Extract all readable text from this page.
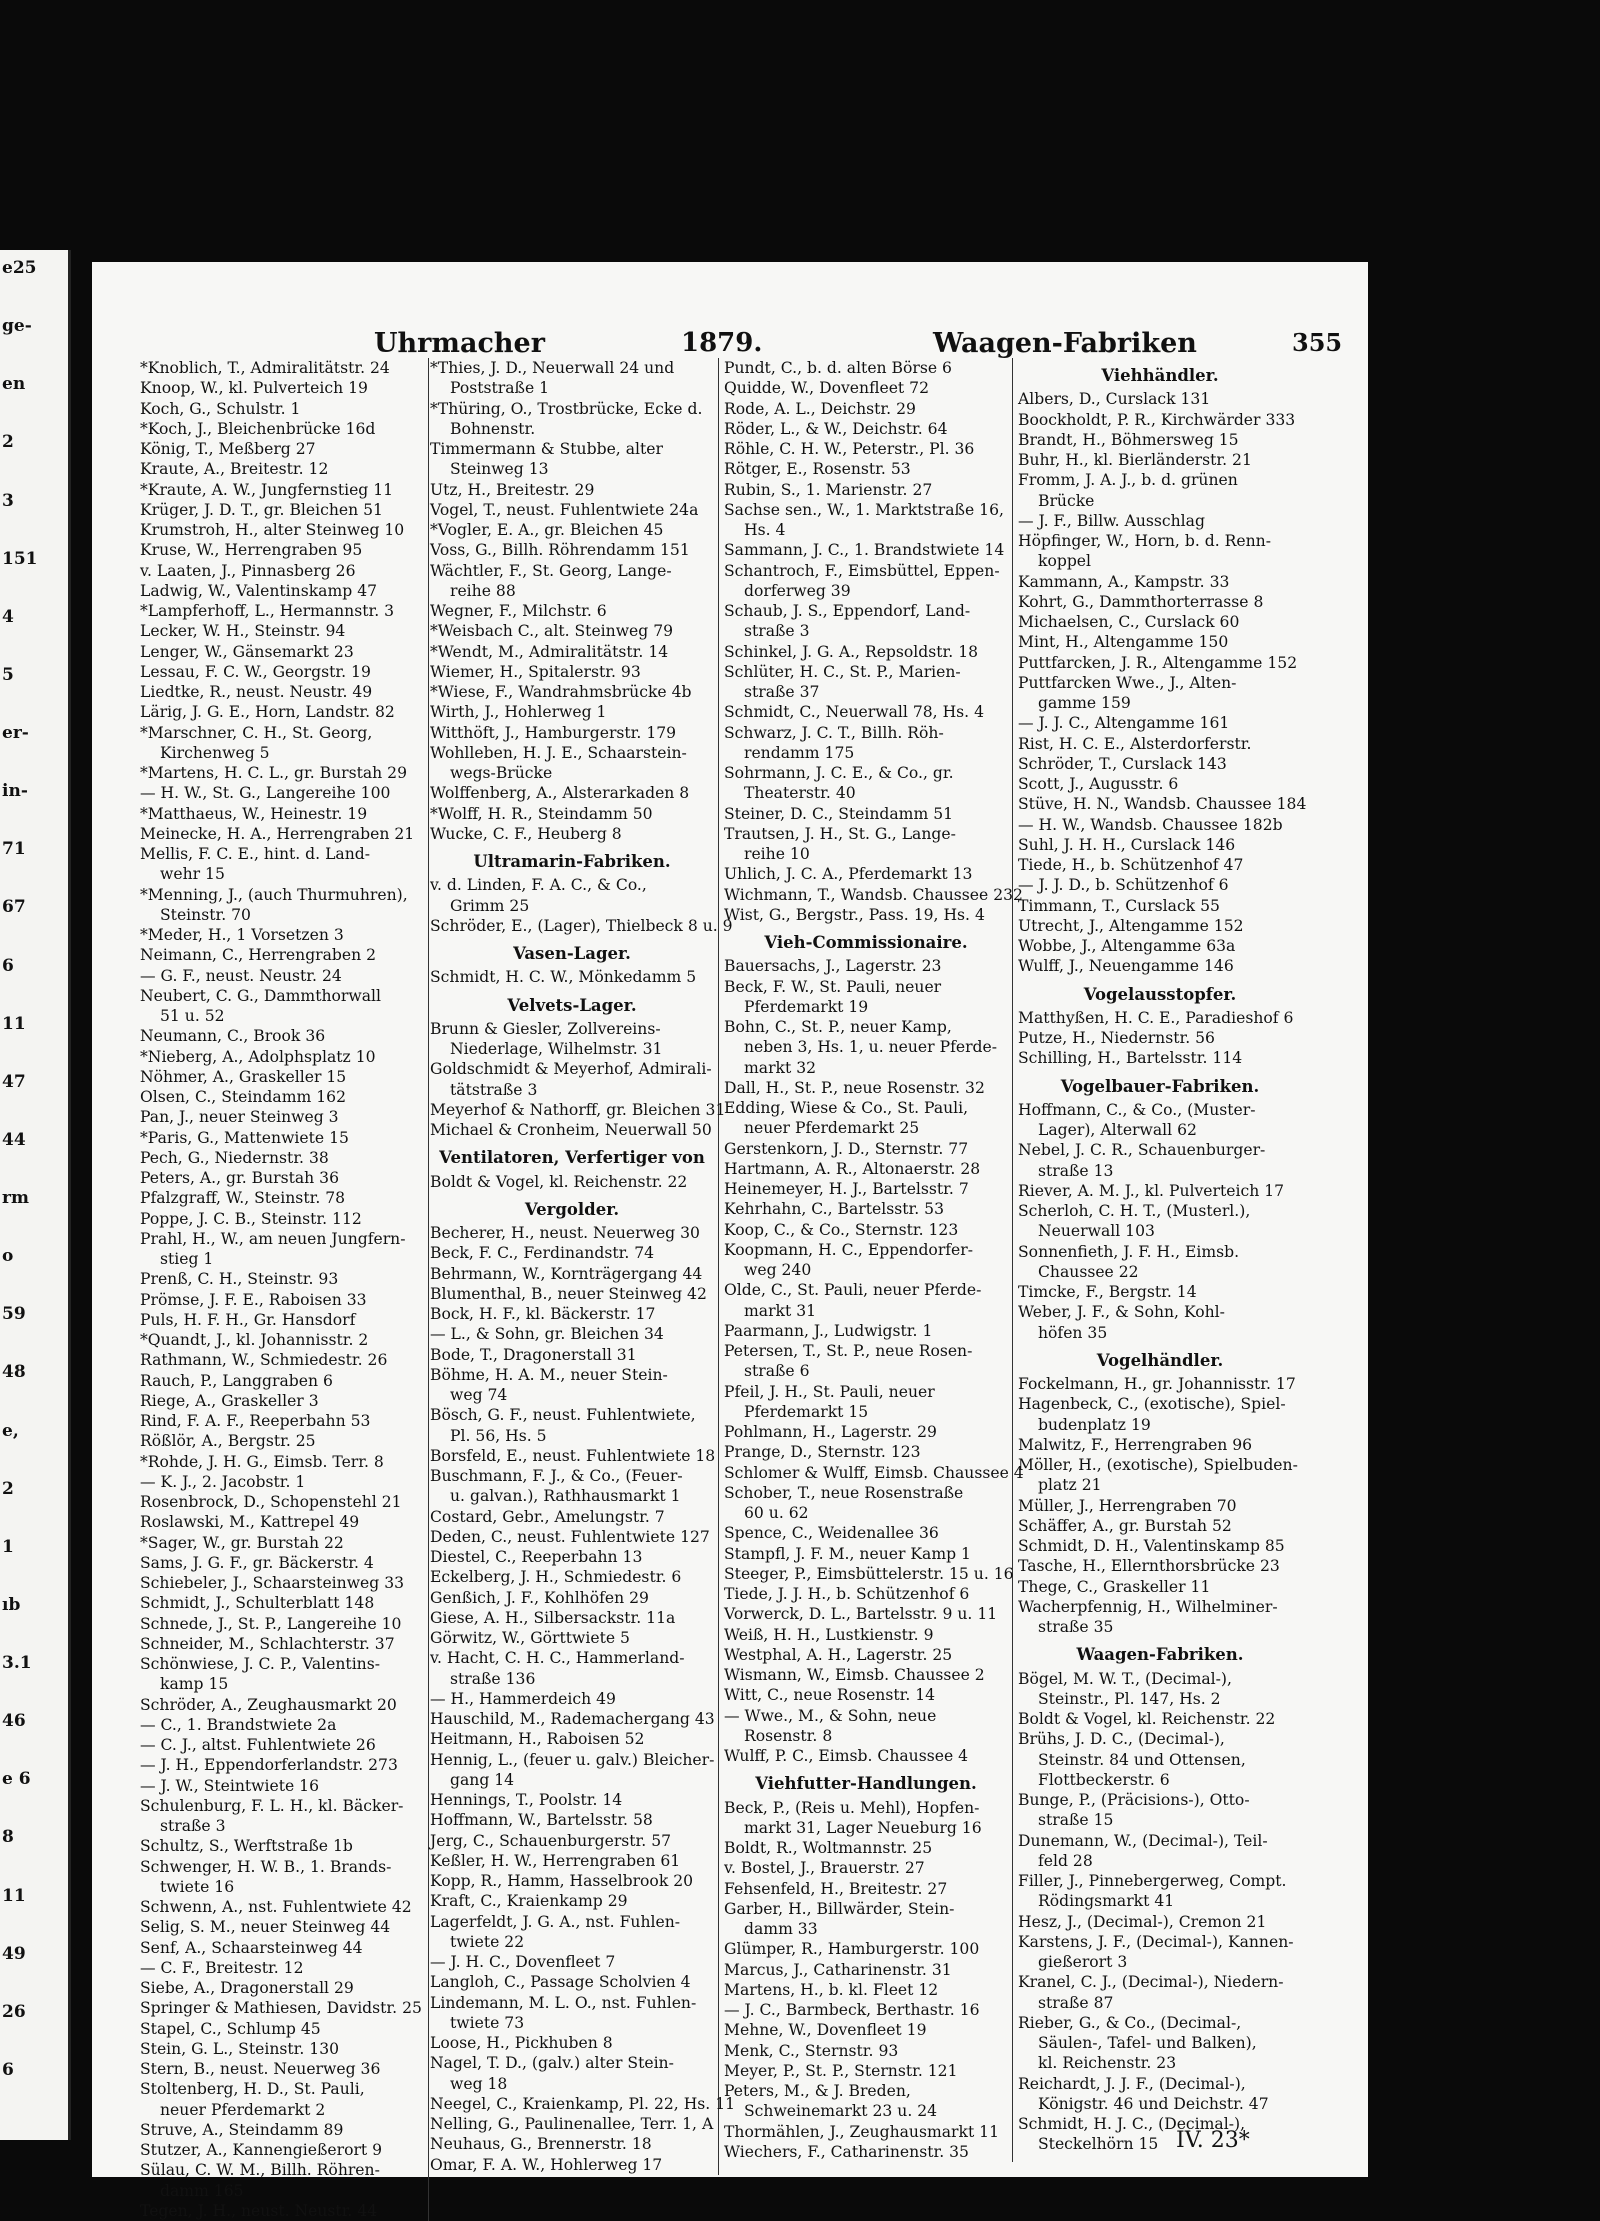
e25
ge-
en
2
3
151
4
5
er-
in-
71
67
6
11
47
44
rm
o
59
48
e,
2
1
ıb
3.1
46
e 6
8
11
49
26
6
Uhrmacher	1879.	Waagen-Fabriken	355
*Knoblich, T., Admiralitätstr. 24
Knoop, W., kl. Pulverteich 19
Koch, G., Schulstr. 1
*Koch, J., Bleichenbrücke 16d
König, T., Meßberg 27
Kraute, A., Breitestr. 12
*Kraute, A. W., Jungfernstieg 11
Krüger, J. D. T., gr. Bleichen 51
Krumstroh, H., alter Steinweg 10
Kruse, W., Herrengraben 95
v. Laaten, J., Pinnasberg 26
Ladwig, W., Valentinskamp 47
*Lampferhoff, L., Hermannstr. 3
Lecker, W. H., Steinstr. 94
Lenger, W., Gänsemarkt 23
Lessau, F. C. W., Georgstr. 19
Liedtke, R., neust. Neustr. 49
Lärig, J. G. E., Horn, Landstr. 82
*Marschner, C. H., St. Georg,
Kirchenweg 5
*Martens, H. C. L., gr. Burstah 29
— H. W., St. G., Langereihe 100
*Matthaeus, W., Heinestr. 19
Meinecke, H. A., Herrengraben 21
Mellis, F. C. E., hint. d. Land-
wehr 15
*Menning, J., (auch Thurmuhren),
Steinstr. 70
*Meder, H., 1 Vorsetzen 3
Neimann, C., Herrengraben 2
— G. F., neust. Neustr. 24
Neubert, C. G., Dammthorwall
51 u. 52
Neumann, C., Brook 36
*Nieberg, A., Adolphsplatz 10
Nöhmer, A., Graskeller 15
Olsen, C., Steindamm 162
Pan, J., neuer Steinweg 3
*Paris, G., Mattenwiete 15
Pech, G., Niedernstr. 38
Peters, A., gr. Burstah 36
Pfalzgraff, W., Steinstr. 78
Poppe, J. C. B., Steinstr. 112
Prahl, H., W., am neuen Jungfern-
stieg 1
Prenß, C. H., Steinstr. 93
Prömse, J. F. E., Raboisen 33
Puls, H. F. H., Gr. Hansdorf
*Quandt, J., kl. Johannisstr. 2
Rathmann, W., Schmiedestr. 26
Rauch, P., Langgraben 6
Riege, A., Graskeller 3
Rind, F. A. F., Reeperbahn 53
Rößlör, A., Bergstr. 25
*Rohde, J. H. G., Eimsb. Terr. 8
— K. J., 2. Jacobstr. 1
Rosenbrock, D., Schopenstehl 21
Roslawski, M., Kattrepel 49
*Sager, W., gr. Burstah 22
Sams, J. G. F., gr. Bäckerstr. 4
Schiebeler, J., Schaarsteinweg 33
Schmidt, J., Schulterblatt 148
Schnede, J., St. P., Langereihe 10
Schneider, M., Schlachterstr. 37
Schönwiese, J. C. P., Valentins-
kamp 15
Schröder, A., Zeughausmarkt 20
— C., 1. Brandstwiete 2a
— C. J., altst. Fuhlentwiete 26
— J. H., Eppendorferlandstr. 273
— J. W., Steintwiete 16
Schulenburg, F. L. H., kl. Bäcker-
straße 3
Schultz, S., Werftstraße 1b
Schwenger, H. W. B., 1. Brands-
twiete 16
Schwenn, A., nst. Fuhlentwiete 42
Selig, S. M., neuer Steinweg 44
Senf, A., Schaarsteinweg 44
— C. F., Breitestr. 12
Siebe, A., Dragonerstall 29
Springer & Mathiesen, Davidstr. 25
Stapel, C., Schlump 45
Stein, G. L., Steinstr. 130
Stern, B., neust. Neuerweg 36
Stoltenberg, H. D., St. Pauli,
neuer Pferdemarkt 2
Struve, A., Steindamm 89
Stutzer, A., Kannengießerort 9
Sülau, C. W. M., Billh. Röhren-
damm 165
Tegen, J. H., neust. Neustr. 44
*Thies, J. D., Neuerwall 24 und
Poststraße 1
*Thüring, O., Trostbrücke, Ecke d.
Bohnenstr.
Timmermann & Stubbe, alter
Steinweg 13
Utz, H., Breitestr. 29
Vogel, T., neust. Fuhlentwiete 24a
*Vogler, E. A., gr. Bleichen 45
Voss, G., Billh. Röhrendamm 151
Wächtler, F., St. Georg, Lange-
reihe 88
Wegner, F., Milchstr. 6
*Weisbach C., alt. Steinweg 79
*Wendt, M., Admiralitätstr. 14
Wiemer, H., Spitalerstr. 93
*Wiese, F., Wandrahmsbrücke 4b
Wirth, J., Hohlerweg 1
Witthöft, J., Hamburgerstr. 179
Wohlleben, H. J. E., Schaarstein-
wegs-Brücke
Wolffenberg, A., Alsterarkaden 8
*Wolff, H. R., Steindamm 50
Wucke, C. F., Heuberg 8
Ultramarin-Fabriken.
v. d. Linden, F. A. C., & Co.,
Grimm 25
Schröder, E., (Lager), Thielbeck 8 u. 9
Vasen-Lager.
Schmidt, H. C. W., Mönkedamm 5
Velvets-Lager.
Brunn & Giesler, Zollvereins-
Niederlage, Wilhelmstr. 31
Goldschmidt & Meyerhof, Admirali-
tätstraße 3
Meyerhof & Nathorff, gr. Bleichen 31
Michael & Cronheim, Neuerwall 50
Ventilatoren, Verfertiger von
Boldt & Vogel, kl. Reichenstr. 22
Vergolder.
Becherer, H., neust. Neuerweg 30
Beck, F. C., Ferdinandstr. 74
Behrmann, W., Kornträgergang 44
Blumenthal, B., neuer Steinweg 42
Bock, H. F., kl. Bäckerstr. 17
— L., & Sohn, gr. Bleichen 34
Bode, T., Dragonerstall 31
Böhme, H. A. M., neuer Stein-
weg 74
Bösch, G. F., neust. Fuhlentwiete,
Pl. 56, Hs. 5
Borsfeld, E., neust. Fuhlentwiete 18
Buschmann, F. J., & Co., (Feuer-
u. galvan.), Rathhausmarkt 1
Costard, Gebr., Amelungstr. 7
Deden, C., neust. Fuhlentwiete 127
Diestel, C., Reeperbahn 13
Eckelberg, J. H., Schmiedestr. 6
Genßich, J. F., Kohlhöfen 29
Giese, A. H., Silbersackstr. 11a
Görwitz, W., Görttwiete 5
v. Hacht, C. H. C., Hammerland-
straße 136
— H., Hammerdeich 49
Hauschild, M., Rademachergang 43
Heitmann, H., Raboisen 52
Hennig, L., (feuer u. galv.) Bleicher-
gang 14
Hennings, T., Poolstr. 14
Hoffmann, W., Bartelsstr. 58
Jerg, C., Schauenburgerstr. 57
Keßler, H. W., Herrengraben 61
Kopp, R., Hamm, Hasselbrook 20
Kraft, C., Kraienkamp 29
Lagerfeldt, J. G. A., nst. Fuhlen-
twiete 22
— J. H. C., Dovenfleet 7
Langloh, C., Passage Scholvien 4
Lindemann, M. L. O., nst. Fuhlen-
twiete 73
Loose, H., Pickhuben 8
Nagel, T. D., (galv.) alter Stein-
weg 18
Neegel, C., Kraienkamp, Pl. 22, Hs. 11
Nelling, G., Paulinenallee, Terr. 1, A
Neuhaus, G., Brennerstr. 18
Omar, F. A. W., Hohlerweg 17
Pundt, C., b. d. alten Börse 6
Quidde, W., Dovenfleet 72
Rode, A. L., Deichstr. 29
Röder, L., & W., Deichstr. 64
Röhle, C. H. W., Peterstr., Pl. 36
Rötger, E., Rosenstr. 53
Rubin, S., 1. Marienstr. 27
Sachse sen., W., 1. Marktstraße 16,
Hs. 4
Sammann, J. C., 1. Brandstwiete 14
Schantroch, F., Eimsbüttel, Eppen-
dorferweg 39
Schaub, J. S., Eppendorf, Land-
straße 3
Schinkel, J. G. A., Repsoldstr. 18
Schlüter, H. C., St. P., Marien-
straße 37
Schmidt, C., Neuerwall 78, Hs. 4
Schwarz, J. C. T., Billh. Röh-
rendamm 175
Sohrmann, J. C. E., & Co., gr.
Theaterstr. 40
Steiner, D. C., Steindamm 51
Trautsen, J. H., St. G., Lange-
reihe 10
Uhlich, J. C. A., Pferdemarkt 13
Wichmann, T., Wandsb. Chaussee 232
Wist, G., Bergstr., Pass. 19, Hs. 4
Vieh-Commissionaire.
Bauersachs, J., Lagerstr. 23
Beck, F. W., St. Pauli, neuer
Pferdemarkt 19
Bohn, C., St. P., neuer Kamp,
neben 3, Hs. 1, u. neuer Pferde-
markt 32
Dall, H., St. P., neue Rosenstr. 32
Edding, Wiese & Co., St. Pauli,
neuer Pferdemarkt 25
Gerstenkorn, J. D., Sternstr. 77
Hartmann, A. R., Altonaerstr. 28
Heinemeyer, H. J., Bartelsstr. 7
Kehrhahn, C., Bartelsstr. 53
Koop, C., & Co., Sternstr. 123
Koopmann, H. C., Eppendorfer-
weg 240
Olde, C., St. Pauli, neuer Pferde-
markt 31
Paarmann, J., Ludwigstr. 1
Petersen, T., St. P., neue Rosen-
straße 6
Pfeil, J. H., St. Pauli, neuer
Pferdemarkt 15
Pohlmann, H., Lagerstr. 29
Prange, D., Sternstr. 123
Schlomer & Wulff, Eimsb. Chaussee 4
Schober, T., neue Rosenstraße
60 u. 62
Spence, C., Weidenallee 36
Stampfl, J. F. M., neuer Kamp 1
Steeger, P., Eimsbüttelerstr. 15 u. 16
Tiede, J. J. H., b. Schützenhof 6
Vorwerck, D. L., Bartelsstr. 9 u. 11
Weiß, H. H., Lustkienstr. 9
Westphal, A. H., Lagerstr. 25
Wismann, W., Eimsb. Chaussee 2
Witt, C., neue Rosenstr. 14
— Wwe., M., & Sohn, neue
Rosenstr. 8
Wulff, P. C., Eimsb. Chaussee 4
Viehfutter-Handlungen.
Beck, P., (Reis u. Mehl), Hopfen-
markt 31, Lager Neueburg 16
Boldt, R., Woltmannstr. 25
v. Bostel, J., Brauerstr. 27
Fehsenfeld, H., Breitestr. 27
Garber, H., Billwärder, Stein-
damm 33
Glümper, R., Hamburgerstr. 100
Marcus, J., Catharinenstr. 31
Martens, H., b. kl. Fleet 12
— J. C., Barmbeck, Berthastr. 16
Mehne, W., Dovenfleet 19
Menk, C., Sternstr. 93
Meyer, P., St. P., Sternstr. 121
Peters, M., & J. Breden,
Schweinemarkt 23 u. 24
Thormählen, J., Zeughausmarkt 11
Wiechers, F., Catharinenstr. 35
Viehhändler.
Albers, D., Curslack 131
Boockholdt, P. R., Kirchwärder 333
Brandt, H., Böhmersweg 15
Buhr, H., kl. Bierländerstr. 21
Fromm, J. A. J., b. d. grünen
Brücke
— J. F., Billw. Ausschlag
Höpfinger, W., Horn, b. d. Renn-
koppel
Kammann, A., Kampstr. 33
Kohrt, G., Dammthorterrasse 8
Michaelsen, C., Curslack 60
Mint, H., Altengamme 150
Puttfarcken, J. R., Altengamme 152
Puttfarcken Wwe., J., Alten-
gamme 159
— J. J. C., Altengamme 161
Rist, H. C. E., Alsterdorferstr.
Schröder, T., Curslack 143
Scott, J., Augusstr. 6
Stüve, H. N., Wandsb. Chaussee 184
— H. W., Wandsb. Chaussee 182b
Suhl, J. H. H., Curslack 146
Tiede, H., b. Schützenhof 47
— J. J. D., b. Schützenhof 6
Timmann, T., Curslack 55
Utrecht, J., Altengamme 152
Wobbe, J., Altengamme 63a
Wulff, J., Neuengamme 146
Vogelausstopfer.
Matthyßen, H. C. E., Paradieshof 6
Putze, H., Niedernstr. 56
Schilling, H., Bartelsstr. 114
Vogelbauer-Fabriken.
Hoffmann, C., & Co., (Muster-
Lager), Alterwall 62
Nebel, J. C. R., Schauenburger-
straße 13
Riever, A. M. J., kl. Pulverteich 17
Scherloh, C. H. T., (Musterl.),
Neuerwall 103
Sonnenfieth, J. F. H., Eimsb.
Chaussee 22
Timcke, F., Bergstr. 14
Weber, J. F., & Sohn, Kohl-
höfen 35
Vogelhändler.
Fockelmann, H., gr. Johannisstr. 17
Hagenbeck, C., (exotische), Spiel-
budenplatz 19
Malwitz, F., Herrengraben 96
Möller, H., (exotische), Spielbuden-
platz 21
Müller, J., Herrengraben 70
Schäffer, A., gr. Burstah 52
Schmidt, D. H., Valentinskamp 85
Tasche, H., Ellernthorsbrücke 23
Thege, C., Graskeller 11
Wacherpfennig, H., Wilhelminer-
straße 35
Waagen-Fabriken.
Bögel, M. W. T., (Decimal-),
Steinstr., Pl. 147, Hs. 2
Boldt & Vogel, kl. Reichenstr. 22
Brühs, J. D. C., (Decimal-),
Steinstr. 84 und Ottensen,
Flottbeckerstr. 6
Bunge, P., (Präcisions-), Otto-
straße 15
Dunemann, W., (Decimal-), Teil-
feld 28
Filler, J., Pinnebergerweg, Compt.
Rödingsmarkt 41
Hesz, J., (Decimal-), Cremon 21
Karstens, J. F., (Decimal-), Kannen-
gießerort 3
Kranel, C. J., (Decimal-), Niedern-
straße 87
Rieber, G., & Co., (Decimal-,
Säulen-, Tafel- und Balken),
kl. Reichenstr. 23
Reichardt, J. J. F., (Decimal-),
Königstr. 46 und Deichstr. 47
Schmidt, H. J. C., (Decimal-),
Steckelhörn 15 IV. 23*
